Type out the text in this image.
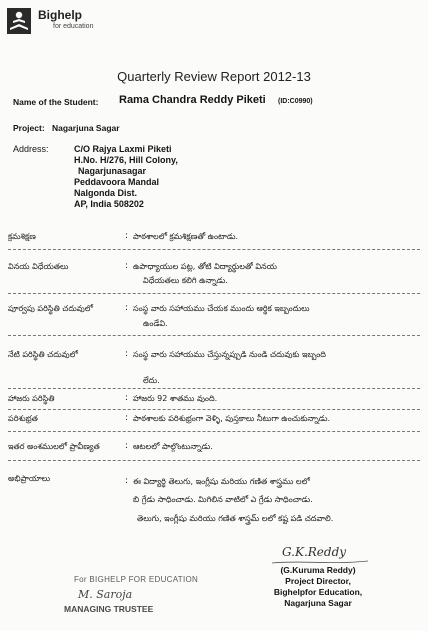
Bighelp
for education
Quarterly Review Report 2012-13
Name of the Student: Rama Chandra Reddy Piketi (ID:C0990)
Project: Nagarjuna Sagar
Address:	C/O Rajya Laxmi Piketi
H.No. H/276, Hill Colony,
Nagarjunasagar
Peddavoora Mandal
Nalgonda Dist.
AP, India 508202
క్రమశిక్షణ	: పాఠశాలలో క్రమశిక్షణతో ఉంటాడు.
వినయ విధేయతలు	: ఉపాధ్యాయుల పట్ల, తోటి విద్యార్థులతో వినయ
విధేయతలు కలిగి ఉన్నాడు.
పూర్వపు పరిస్థితి చదువులో	: సంస్థ వారు సహాయము చేయక ముందు ఆర్థిక ఇబ్బందులు
ఉండేవి.
నేటి పరిస్థితి చదువులో	: సంస్థ వారు సహాయము చేస్తున్నప్పుడి నుండి చదువుకు ఇబ్బంది
లేదు.
హాజరు పరిస్థితి	: హాజరు 92 శాతము వుంది.
పరిశుభ్రత	: పాఠశాలకు పరిశుభ్రంగా వెళ్ళి, పుస్తకాలు నీటుగా ఉంచుకున్నాడు.
ఇతర అంశములలో ప్రావీణ్యత	: ఆటలలో పాల్గొంటున్నాడు.
అభిప్రాయాలు	: ఈ విద్యార్థి తెలుగు, ఇంగ్లీషు మరియు గణిత శాస్త్రము లలో
బి గ్రేడు సాధించాడు. మిగిలిన వాటిలో ఎ గ్రేడు సాధించాడు.
తెలుగు, ఇంగ్లీషు మరియు గణిత శాస్త్రమ్ లలో కష్ట పడి చదవాలి.
G.K.Reddy
(G.Kuruma Reddy)
Project Director,
Bighelpfor Education,
Nagarjuna Sagar
For BIGHELP FOR EDUCATION
M. Saroja
MANAGING TRUSTEE
